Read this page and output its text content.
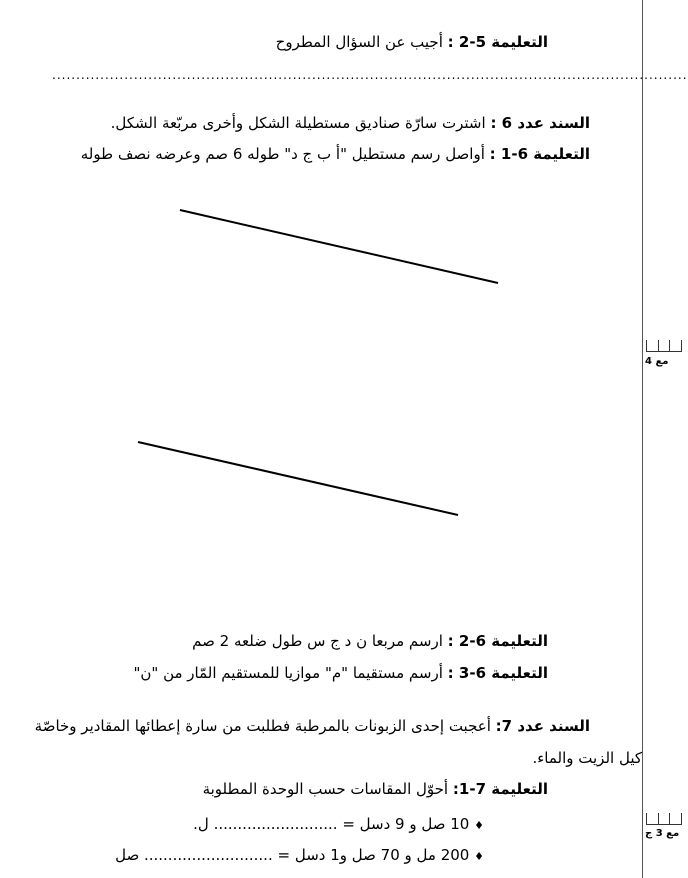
مع 4
مع 3 ج
التعليمة 5-2 : أجيب عن السؤال المطروح
....................................................................................................................................
السند عدد 6 : اشترت سارّة صناديق مستطيلة الشكل وأخرى مربّعة الشكل.
التعليمة 6-1 : أواصل رسم مستطيل "أ ب ج د" طوله 6 صم وعرضه نصف طوله
التعليمة 6-2 : ارسم مربعا ن د ج س طول ضلعه 2 صم
التعليمة 6-3 : أرسم مستقيما "م" موازيا للمستقيم المّار من "ن"
السند عدد 7: أعجبت إحدى الزبونات بالمرطبة فطلبت من سارة إعطائها المقادير وخاصّة
كيل الزيت والماء.
التعليمة 7-1: أحوّل المقاسات حسب الوحدة المطلوبة
♦ 10 صل و 9 دسل = .......................... ل.
♦ 200 مل و 70 صل و1 دسل = ........................... صل
